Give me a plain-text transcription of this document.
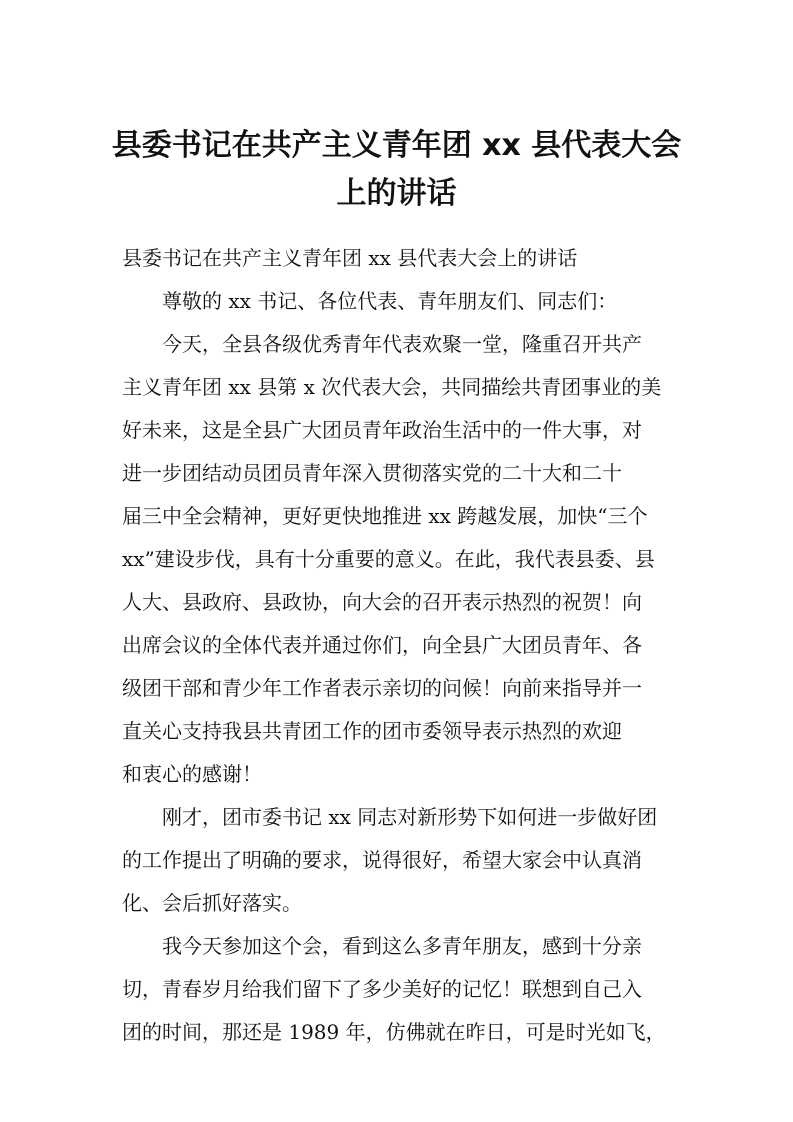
县委书记在共产主义青年团 xx 县代表大会
上的讲话

县委书记在共产主义青年团 xx 县代表大会上的讲话

尊敬的 xx 书记、各位代表、青年朋友们、同志们：

今天，全县各级优秀青年代表欢聚一堂，隆重召开共产

主义青年团 xx 县第 x 次代表大会，共同描绘共青团事业的美

好未来，这是全县广大团员青年政治生活中的一件大事，对

进一步团结动员团员青年深入贯彻落实党的二十大和二十

届三中全会精神，更好更快地推进 xx 跨越发展，加快“三个

xx”建设步伐，具有十分重要的意义。在此，我代表县委、县

人大、县政府、县政协，向大会的召开表示热烈的祝贺！向

出席会议的全体代表并通过你们，向全县广大团员青年、各

级团干部和青少年工作者表示亲切的问候！向前来指导并一

直关心支持我县共青团工作的团市委领导表示热烈的欢迎

和衷心的感谢！

刚才，团市委书记 xx 同志对新形势下如何进一步做好团

的工作提出了明确的要求，说得很好，希望大家会中认真消

化、会后抓好落实。

我今天参加这个会，看到这么多青年朋友，感到十分亲

切，青春岁月给我们留下了多少美好的记忆！联想到自己入

团的时间，那还是 1989 年，仿佛就在昨日，可是时光如飞，
